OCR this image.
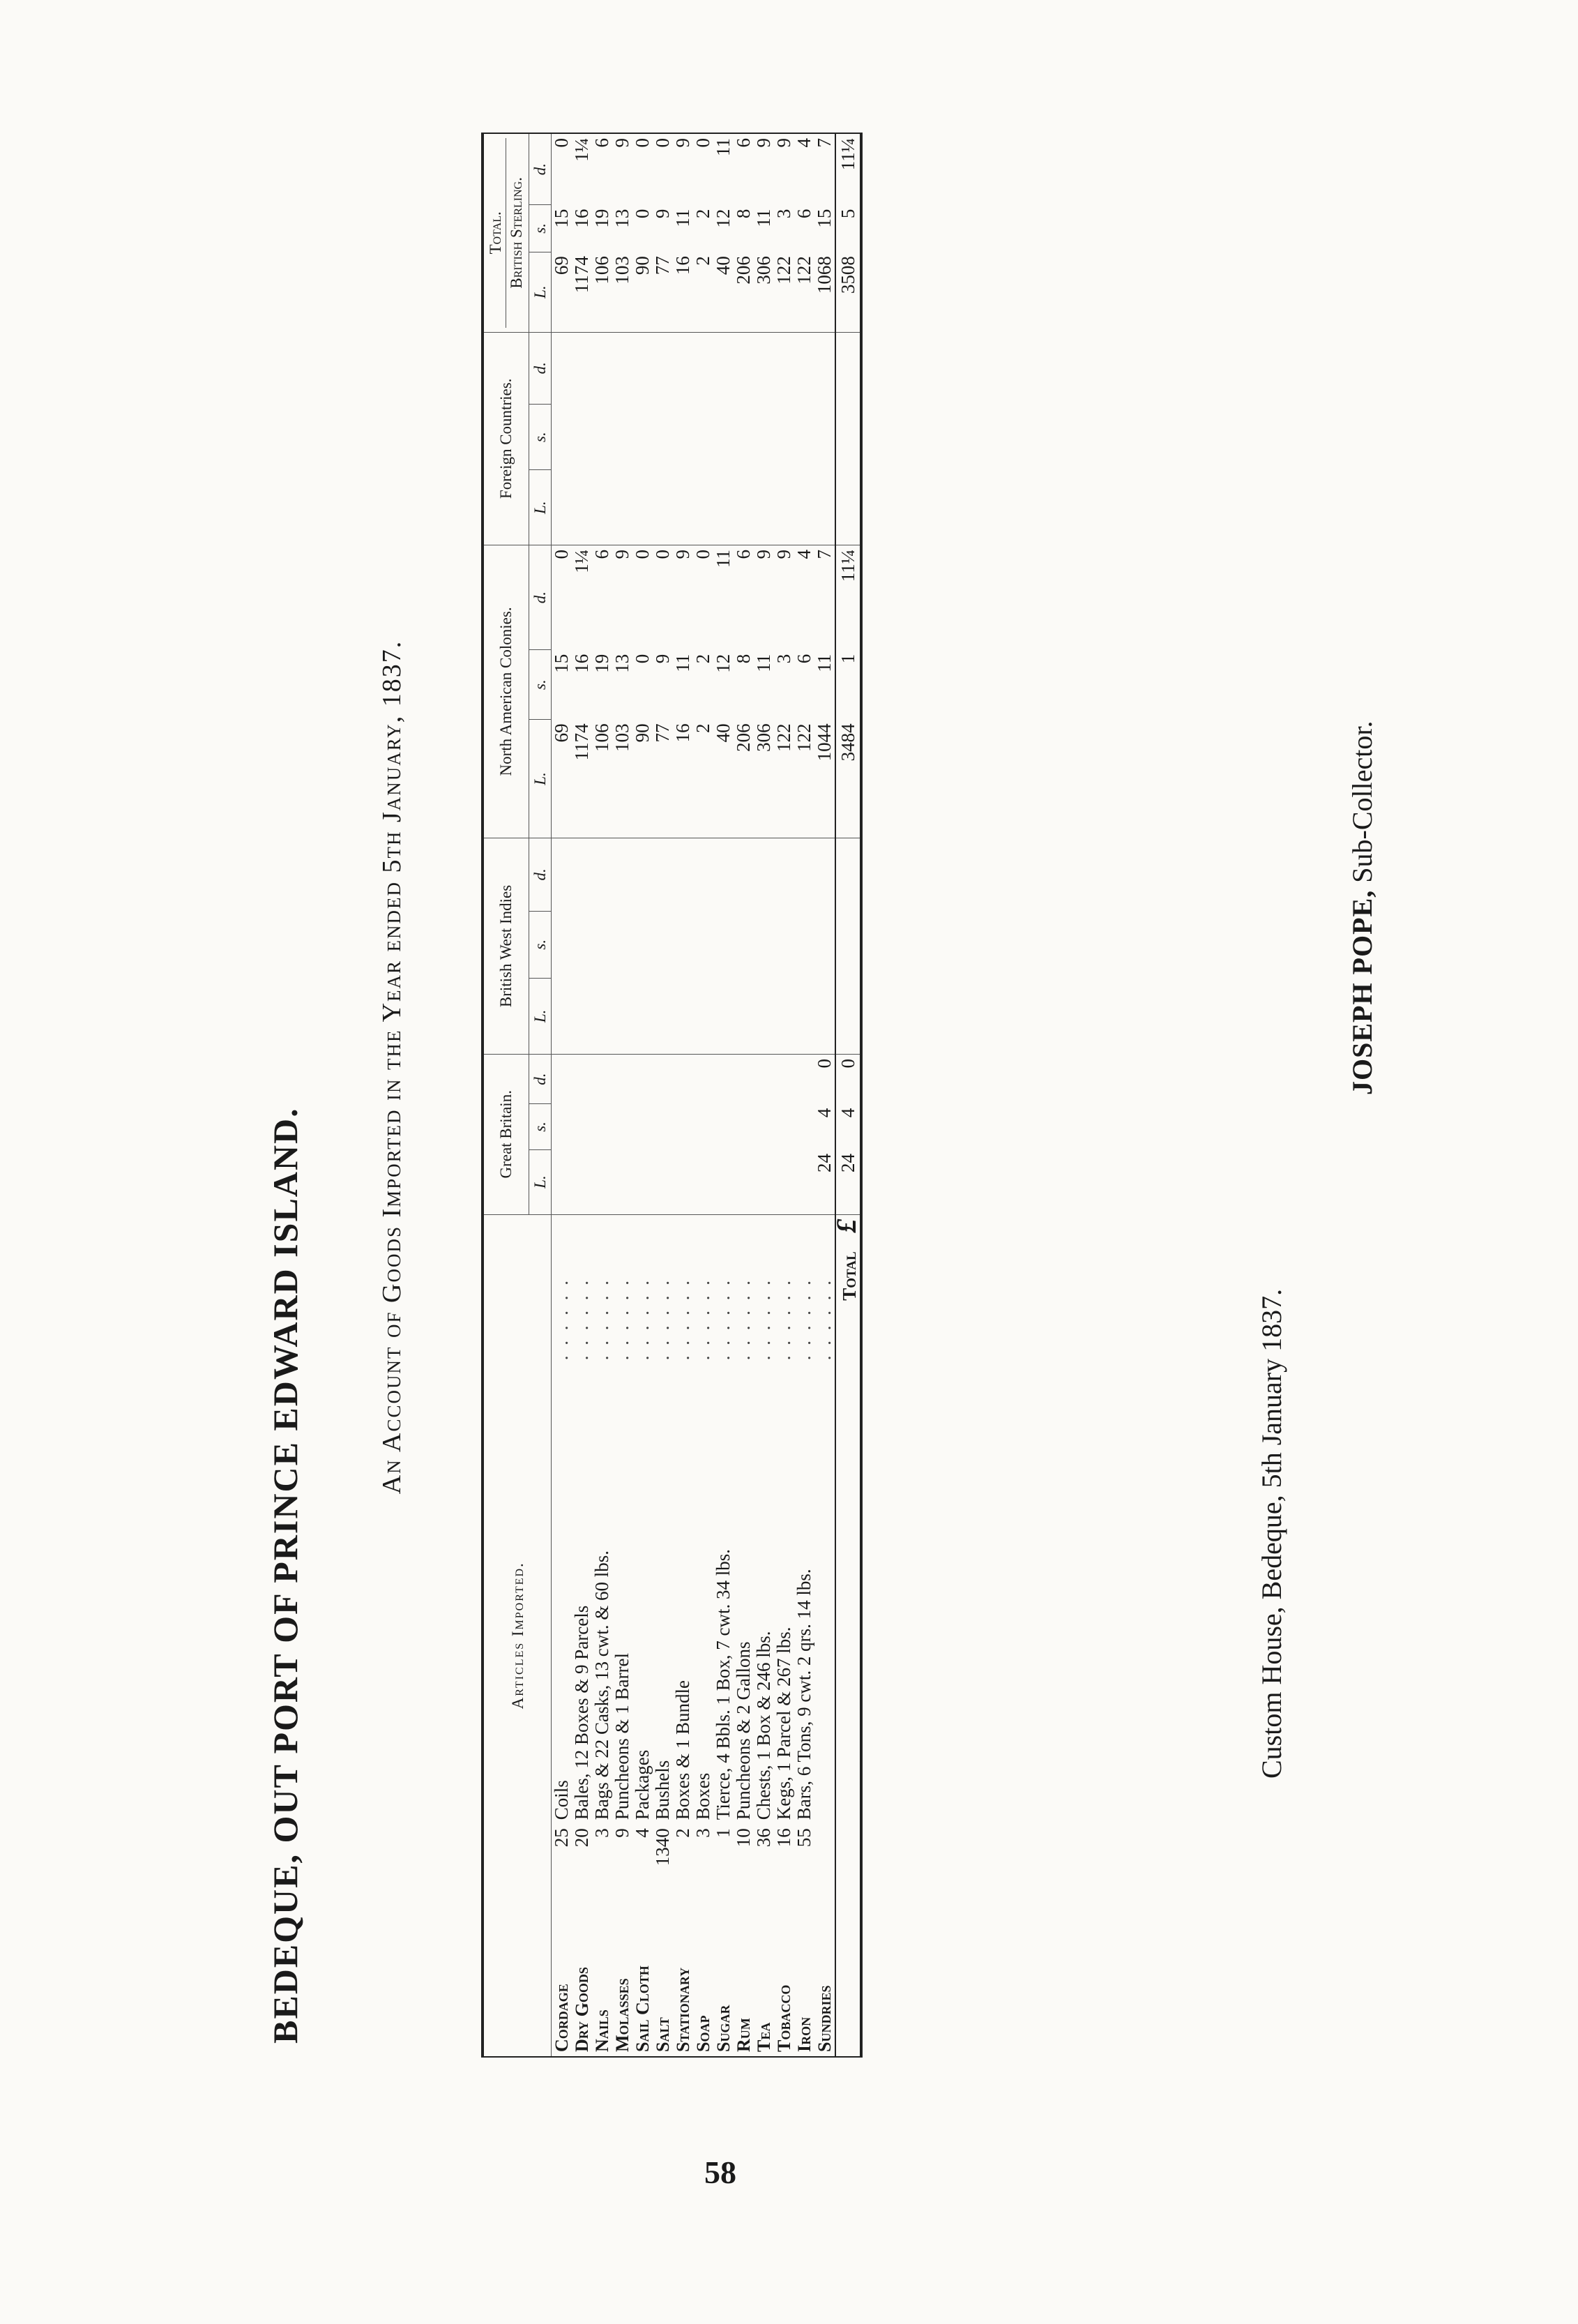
58
BEDEQUE, OUT PORT OF PRINCE EDWARD ISLAND.
An Account of Goods Imported in the Year ended 5th January, 1837.
Articles Imported.				Great Britain.			British West Indies			North American Colonies.			Foreign Countries.			Total. British Sterling.		

				L.	s.	d.	L.	s.	d.	L.	s.	d.	L.	s.	d.	L.	s.	d.
Cordage	25	Coils	. . . . . .							69	15	0				69	15	0
Dry Goods	20	Bales, 12 Boxes & 9 Parcels	. . . . . .							1174	16	1¼				1174	16	1¼
Nails	3	Bags & 22 Casks, 13 cwt. & 60 lbs.	. . . . . .							106	19	6				106	19	6
Molasses	9	Puncheons & 1 Barrel	. . . . . .							103	13	9				103	13	9
Sail Cloth	4	Packages	. . . . . .							90	0	0				90	0	0
Salt	1340	Bushels	. . . . . .							77	9	0				77	9	0
Stationary	2	Boxes & 1 Bundle	. . . . . .							16	11	9				16	11	9
Soap	3	Boxes	. . . . . .							2	2	0				2	2	0
Sugar	1	Tierce, 4 Bbls. 1 Box, 7 cwt. 34 lbs.	. . . . . .							40	12	11				40	12	11
Rum	10	Puncheons & 2 Gallons	. . . . . .							206	8	6				206	8	6
Tea	36	Chests, 1 Box & 246 lbs.	. . . . . .							306	11	9				306	11	9
Tobacco	16	Kegs, 1 Parcel & 267 lbs.	. . . . . .							122	3	9				122	3	9
Iron	55	Bars, 6 Tons, 9 cwt. 2 qrs. 14 lbs.	. . . . . .							122	6	4				122	6	4
Sundries			. . . . . .	24	4	0				1044	11	7				1068	15	7
Total £				24	4	0				3484	1	11¼				3508	5	11¼
Custom House, Bedeque, 5th January 1837.
JOSEPH POPE, Sub-Collector.
